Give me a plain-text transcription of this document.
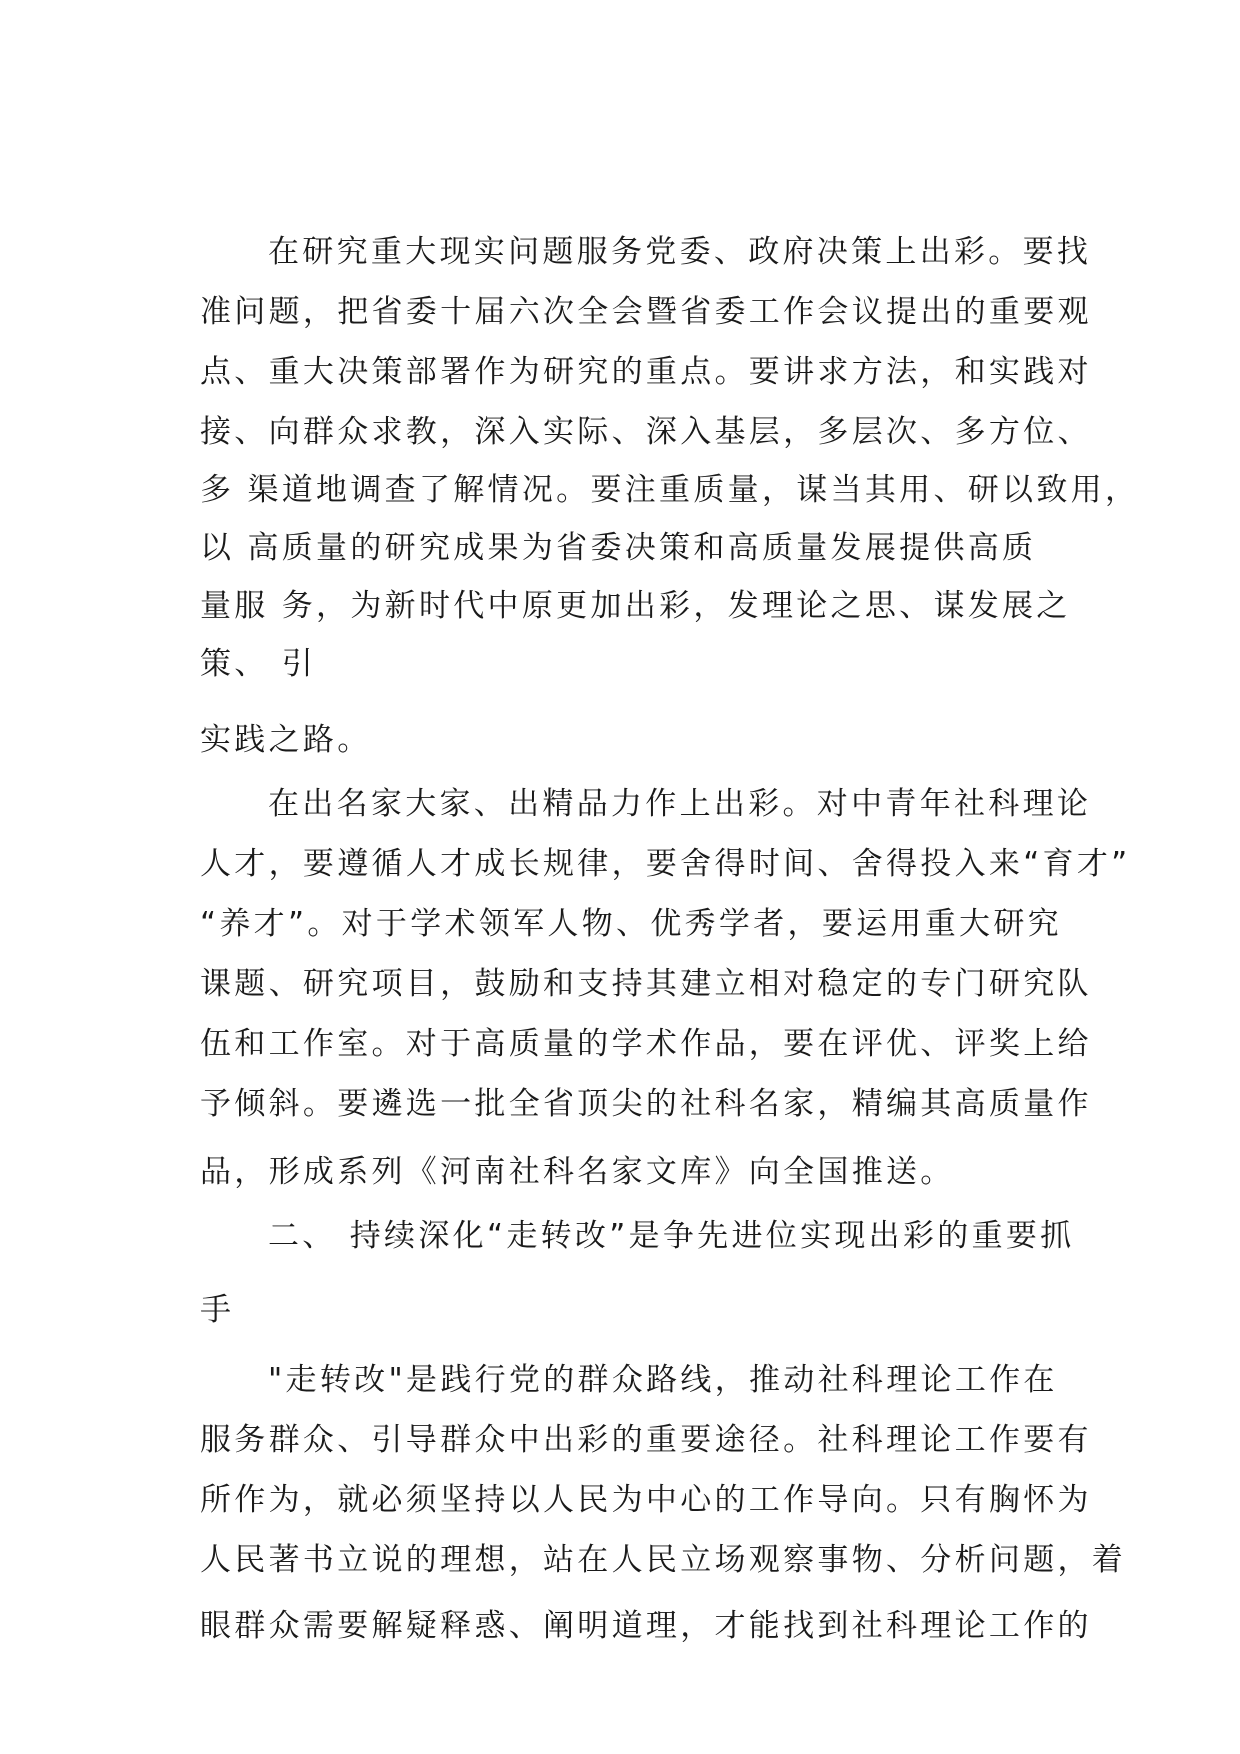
在研究重大现实问题服务党委、政府决策上出彩。要找
准问题，把省委十届六次全会暨省委工作会议提出的重要观
点、重大决策部署作为研究的重点。要讲求方法，和实践对
接、向群众求教，深入实际、深入基层，多层次、多方位、
多 渠道地调查了解情况。要注重质量，谋当其用、研以致用，
以 高质量的研究成果为省委决策和高质量发展提供高质
量服 务，为新时代中原更加出彩，发理论之思、谋发展之
策、 引
实践之路。
在出名家大家、出精品力作上出彩。对中青年社科理论
人才，要遵循人才成长规律，要舍得时间、舍得投入来“育才”
“养才”。对于学术领军人物、优秀学者，要运用重大研究
课题、研究项目，鼓励和支持其建立相对稳定的专门研究队
伍和工作室。对于高质量的学术作品，要在评优、评奖上给
予倾斜。要遴选一批全省顶尖的社科名家，精编其高质量作
品，形成系列《河南社科名家文库》向全国推送。
二、 持续深化“走转改”是争先进位实现出彩的重要抓
手
"走转改"是践行党的群众路线，推动社科理论工作在
服务群众、引导群众中出彩的重要途径。社科理论工作要有
所作为，就必须坚持以人民为中心的工作导向。只有胸怀为
人民著书立说的理想，站在人民立场观察事物、分析问题，着
眼群众需要解疑释惑、阐明道理，才能找到社科理论工作的
